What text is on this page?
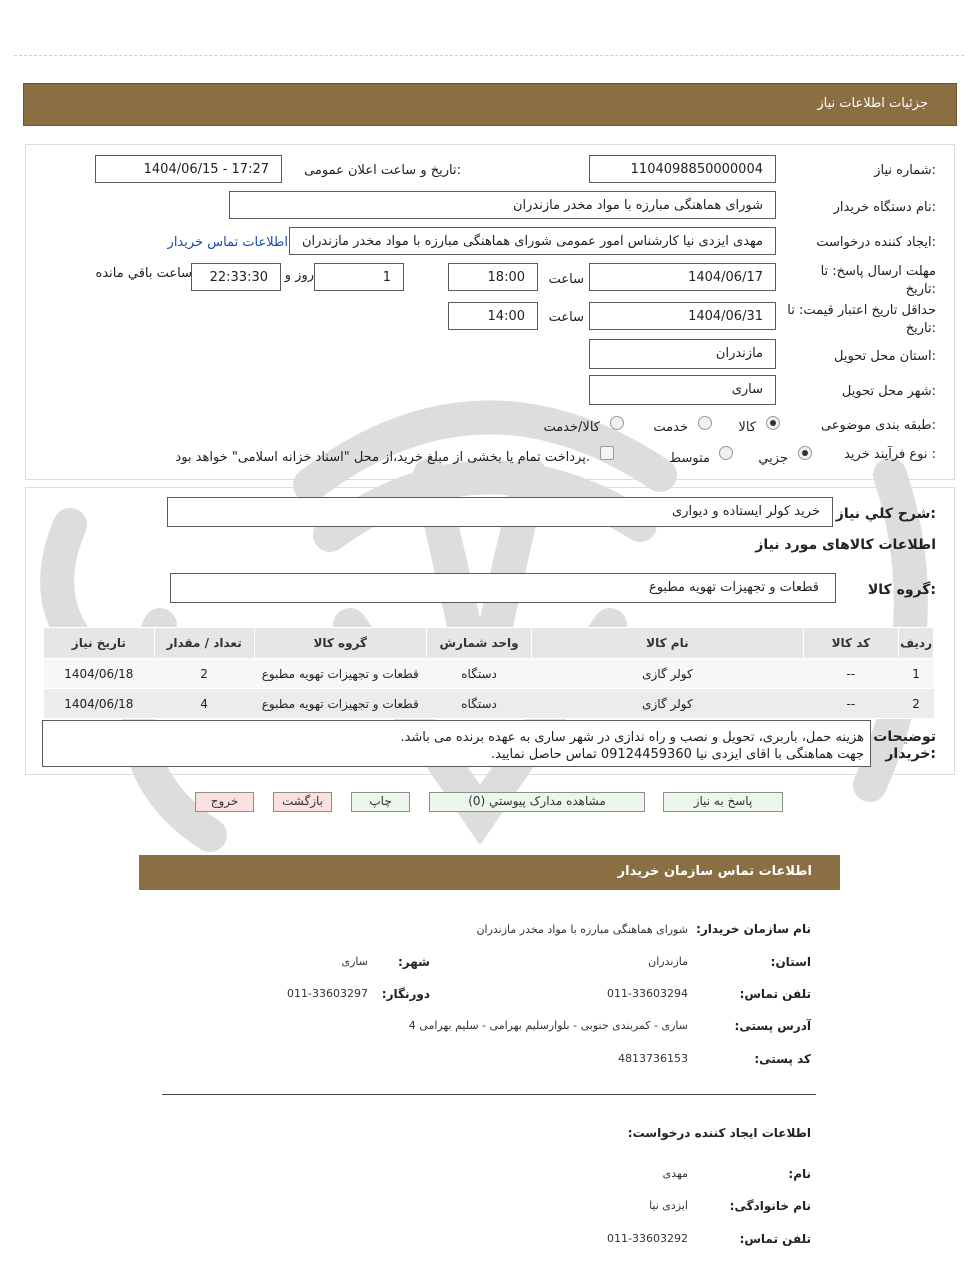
جزئیات اطلاعات نیاز
شماره نیاز:
1104098850000004
تاریخ و ساعت اعلان عمومی:
1404/06/15 - 17:27
نام دستگاه خریدار:
شورای هماهنگی مبارزه با مواد مخدر مازندران
ایجاد کننده درخواست:
مهدی ایزدی نیا کارشناس امور عمومی شورای هماهنگی مبارزه با مواد مخدر مازندران
اطلاعات تماس خریدار
مهلت ارسال پاسخ: تا تاریخ:
1404/06/17
ساعت
18:00
1
روز و
22:33:30
ساعت باقي مانده
حداقل تاریخ اعتبار قیمت: تا تاریخ:
1404/06/31
ساعت
14:00
استان محل تحویل:
مازندران
شهر محل تحویل:
ساری
طبقه بندی موضوعی:
کالا
خدمت
کالا/خدمت
نوع فرآیند خرید :
جزیي
متوسط
پرداخت تمام یا بخشی از مبلغ خرید،از محل "اسناد خزانه اسلامی" خواهد بود.
شرح كلي نياز:
خريد كولر ايستاده و ديواری
اطلاعات کالاهای مورد نیاز
گروه کالا:
قطعات و تجهیزات تهویه مطبوع
ردیف	کد کالا	نام کالا	واحد شمارش	گروه کالا	تعداد / مقدار	تاریخ نیاز
1	--	کولر گازی	دستگاه	قطعات و تجهیزات تهویه مطبوع	2	1404/06/18
2	--	کولر گازی	دستگاه	قطعات و تجهیزات تهویه مطبوع	4	1404/06/18
توضیحات
خریدار:
هزینه حمل، باربری، تحویل و نصب و راه ندازی در شهر ساری به عهده برنده می باشد.
جهت هماهنگی با اقای ایزدی نیا 09124459360 تماس حاصل نمایید.
پاسخ به نیاز
مشاهده مدارک پیوستي (0)
چاپ
بازگشت
خروج
اطلاعات تماس سازمان خریدار
نام سازمان خریدار:
شورای هماهنگی مبارزه با مواد مخدر مازندران
استان:
مازندران
شهر:
ساری
تلفن تماس:
011-33603294
دورنگار:
011-33603297
آدرس پستی:
ساری - کمربندی جنوبی - بلوارسلیم بهرامی - سلیم بهرامی 4
کد پستی:
4813736153
اطلاعات ایجاد کننده درخواست:
نام:
مهدی
نام خانوادگی:
ایزدی نیا
تلفن تماس:
011-33603292
